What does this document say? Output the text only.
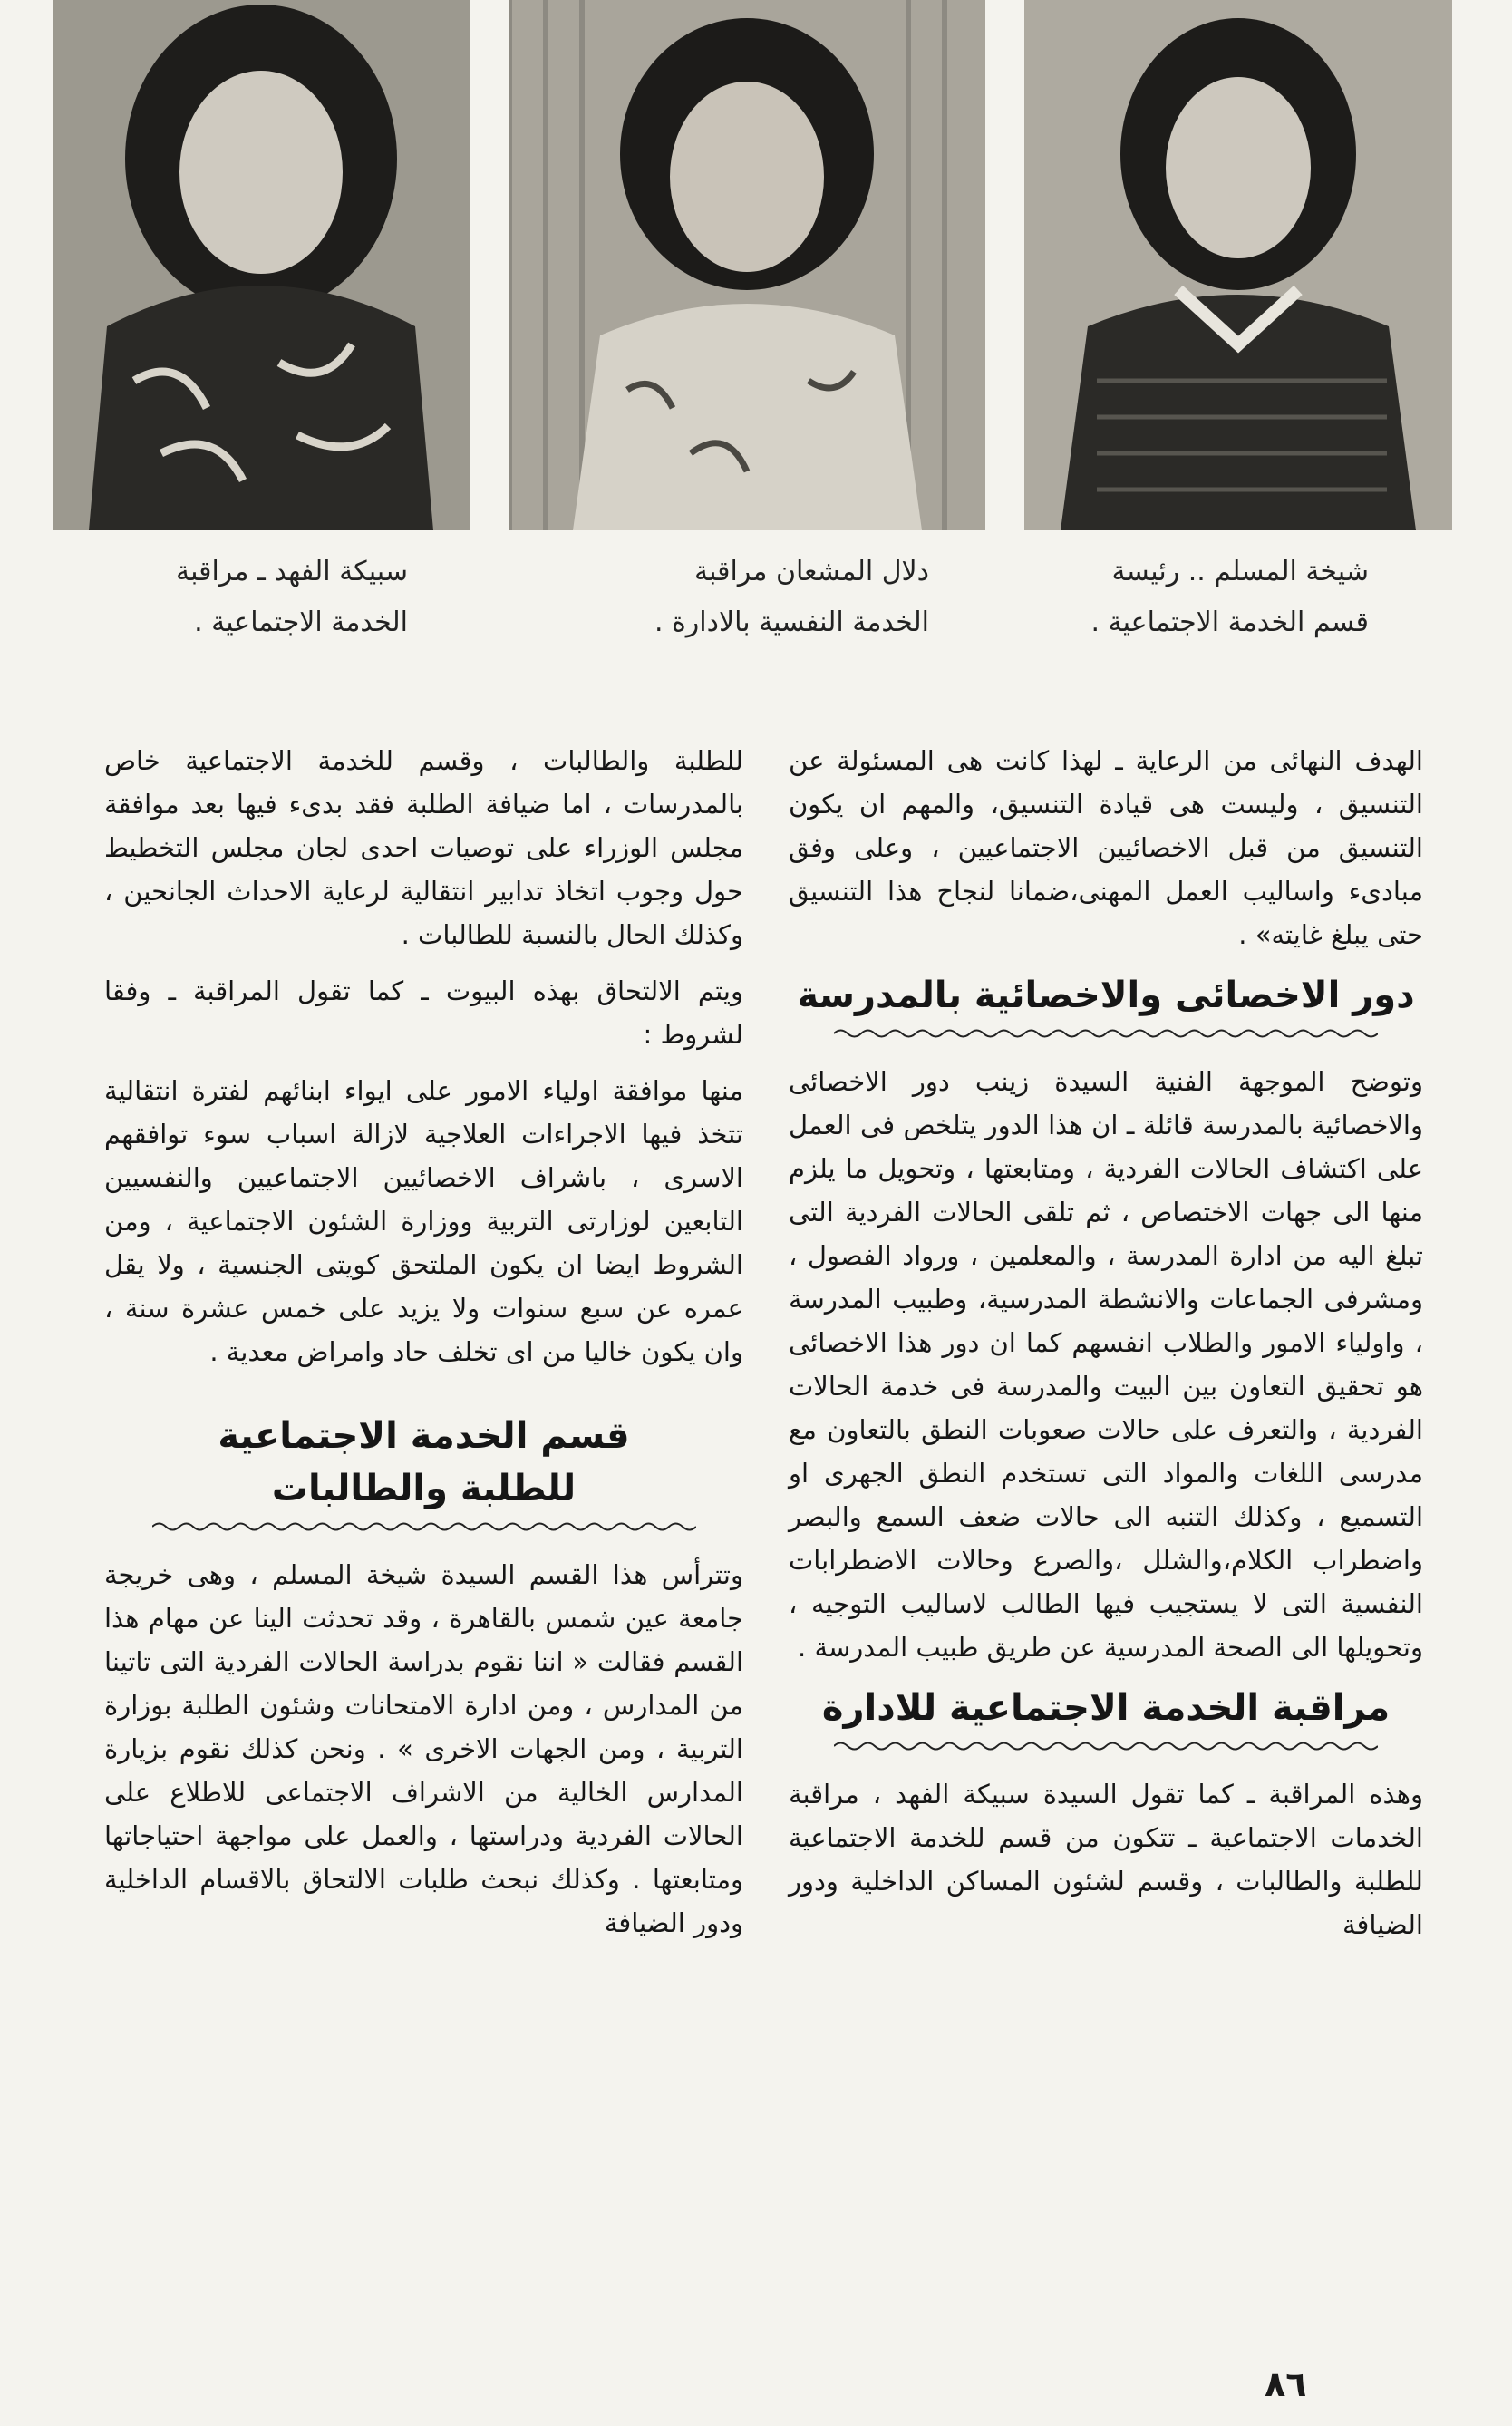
شيخة المسلم .. رئيسة
قسم الخدمة الاجتماعية .
دلال المشعان مراقبة
الخدمة النفسية بالادارة .
سبيكة الفهد ـ مراقبة
الخدمة الاجتماعية .

الهدف النهائى من الرعاية ـ لهذا كانت هى المسئولة عن التنسيق ، وليست هى قيادة التنسيق، والمهم ان يكون التنسيق من قبل الاخصائيين الاجتماعيين ، وعلى وفق مبادىء واساليب العمل المهنى،ضمانا لنجاح هذا التنسيق حتى يبلغ غايته» .

دور الاخصائى والاخصائية بالمدرسة

وتوضح الموجهة الفنية السيدة زينب دور الاخصائى والاخصائية بالمدرسة قائلة ـ ان هذا الدور يتلخص فى العمل على اكتشاف الحالات الفردية ، ومتابعتها ، وتحويل ما يلزم منها الى جهات الاختصاص ، ثم تلقى الحالات الفردية التى تبلغ اليه من ادارة المدرسة ، والمعلمين ، ورواد الفصول ، ومشرفى الجماعات والانشطة المدرسية، وطبيب المدرسة ، واولياء الامور والطلاب انفسهم كما ان دور هذا الاخصائى هو تحقيق التعاون بين البيت والمدرسة فى خدمة الحالات الفردية ، والتعرف على حالات صعوبات النطق بالتعاون مع مدرسى اللغات والمواد التى تستخدم النطق الجهرى او التسميع ، وكذلك التنبه الى حالات ضعف السمع والبصر واضطراب الكلام،والشلل ،والصرع وحالات الاضطرابات النفسية التى لا يستجيب فيها الطالب لاساليب التوجيه ، وتحويلها الى الصحة المدرسية عن طريق طبيب المدرسة .

مراقبة الخدمة الاجتماعية للادارة

وهذه المراقبة ـ كما تقول السيدة سبيكة الفهد ، مراقبة الخدمات الاجتماعية ـ تتكون من قسم للخدمة الاجتماعية للطلبة والطالبات ، وقسم لشئون المساكن الداخلية ودور الضيافة

للطلبة والطالبات ، وقسم للخدمة الاجتماعية خاص بالمدرسات ، اما ضيافة الطلبة فقد بدىء فيها بعد موافقة مجلس الوزراء على توصيات احدى لجان مجلس التخطيط حول وجوب اتخاذ تدابير انتقالية لرعاية الاحداث الجانحين ، وكذلك الحال بالنسبة للطالبات .

ويتم الالتحاق بهذه البيوت ـ كما تقول المراقبة ـ وفقا لشروط :

منها موافقة اولياء الامور على ايواء ابنائهم لفترة انتقالية تتخذ فيها الاجراءات العلاجية لازالة اسباب سوء توافقهم الاسرى ، باشراف الاخصائيين الاجتماعيين والنفسيين التابعين لوزارتى التربية ووزارة الشئون الاجتماعية ، ومن الشروط ايضا ان يكون الملتحق كويتى الجنسية ، ولا يقل عمره عن سبع سنوات ولا يزيد على خمس عشرة سنة ، وان يكون خاليا من اى تخلف حاد وامراض معدية .

قسم الخدمة الاجتماعية
للطلبة والطالبات

وتترأس هذا القسم السيدة شيخة المسلم ، وهى خريجة جامعة عين شمس بالقاهرة ، وقد تحدثت الينا عن مهام هذا القسم فقالت « اننا نقوم بدراسة الحالات الفردية التى تاتينا من المدارس ، ومن ادارة الامتحانات وشئون الطلبة بوزارة التربية ، ومن الجهات الاخرى » . ونحن كذلك نقوم بزيارة المدارس الخالية من الاشراف الاجتماعى للاطلاع على الحالات الفردية ودراستها ، والعمل على مواجهة احتياجاتها ومتابعتها . وكذلك نبحث طلبات الالتحاق بالاقسام الداخلية ودور الضيافة

٨٦
